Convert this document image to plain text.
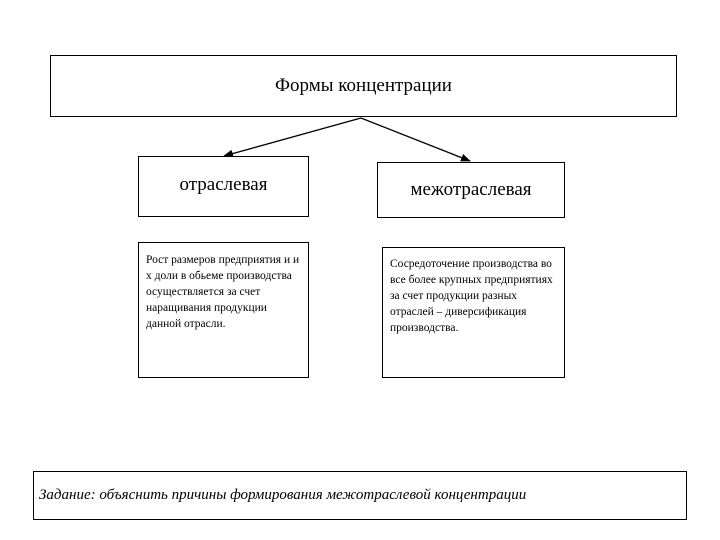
Формы концентрации
отраслевая	межотраслевая
Рост размеров предприятия и и х доли в обьеме производства осуществляется за счет наращивания продукции данной отрасли.
Сосредоточение производства во все более крупных предприятиях за счет продукции разных отраслей – диверсификация производства.
Задание: объяснить причины формирования межотраслевой концентрации
